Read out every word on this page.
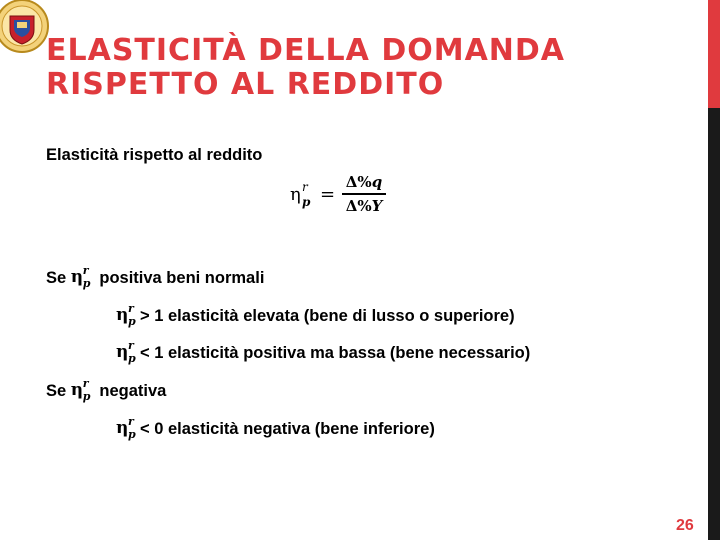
ELASTICITÀ DELLA DOMANDA
RISPETTO AL REDDITO
Elasticità rispetto al reddito
η r
p =
Δ%q
Δ%Y
Se η r
p positiva beni normali
η r
p > 1 elasticità elevata (bene di lusso o superiore)
η r
p < 1 elasticità positiva ma bassa (bene necessario)
Se η r
p negativa
η r
p < 0 elasticità negativa (bene inferiore)
26
